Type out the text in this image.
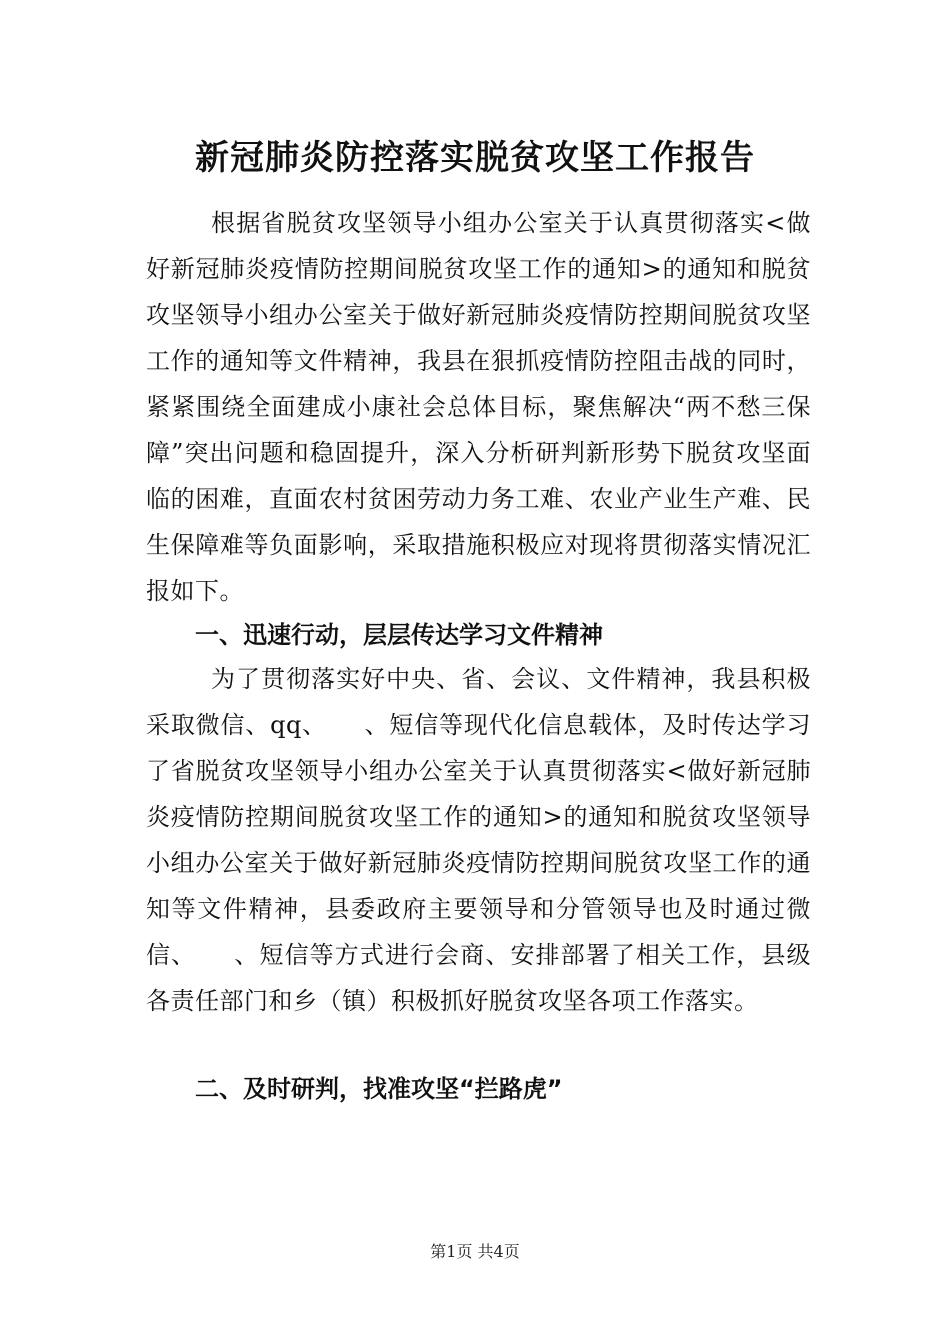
新冠肺炎防控落实脱贫攻坚工作报告
根据省脱贫攻坚领导小组办公室关于认真贯彻落实<做好新冠肺炎疫情防控期间脱贫攻坚工作的通知>的通知和脱贫攻坚领导小组办公室关于做好新冠肺炎疫情防控期间脱贫攻坚工作的通知等文件精神，我县在狠抓疫情防控阻击战的同时，紧紧围绕全面建成小康社会总体目标，聚焦解决“两不愁三保障”突出问题和稳固提升，深入分析研判新形势下脱贫攻坚面临的困难，直面农村贫困劳动力务工难、农业产业生产难、民生保障难等负面影响，采取措施积极应对现将贯彻落实情况汇报如下。
一、迅速行动，层层传达学习文件精神
为了贯彻落实好中央、省、会议、文件精神，我县积极采取微信、qq、　　、短信等现代化信息载体，及时传达学习了省脱贫攻坚领导小组办公室关于认真贯彻落实<做好新冠肺炎疫情防控期间脱贫攻坚工作的通知>的通知和脱贫攻坚领导小组办公室关于做好新冠肺炎疫情防控期间脱贫攻坚工作的通知等文件精神，县委政府主要领导和分管领导也及时通过微信、　　、短信等方式进行会商、安排部署了相关工作，县级各责任部门和乡（镇）积极抓好脱贫攻坚各项工作落实。
二、及时研判，找准攻坚“拦路虎”
第1页 共4页
